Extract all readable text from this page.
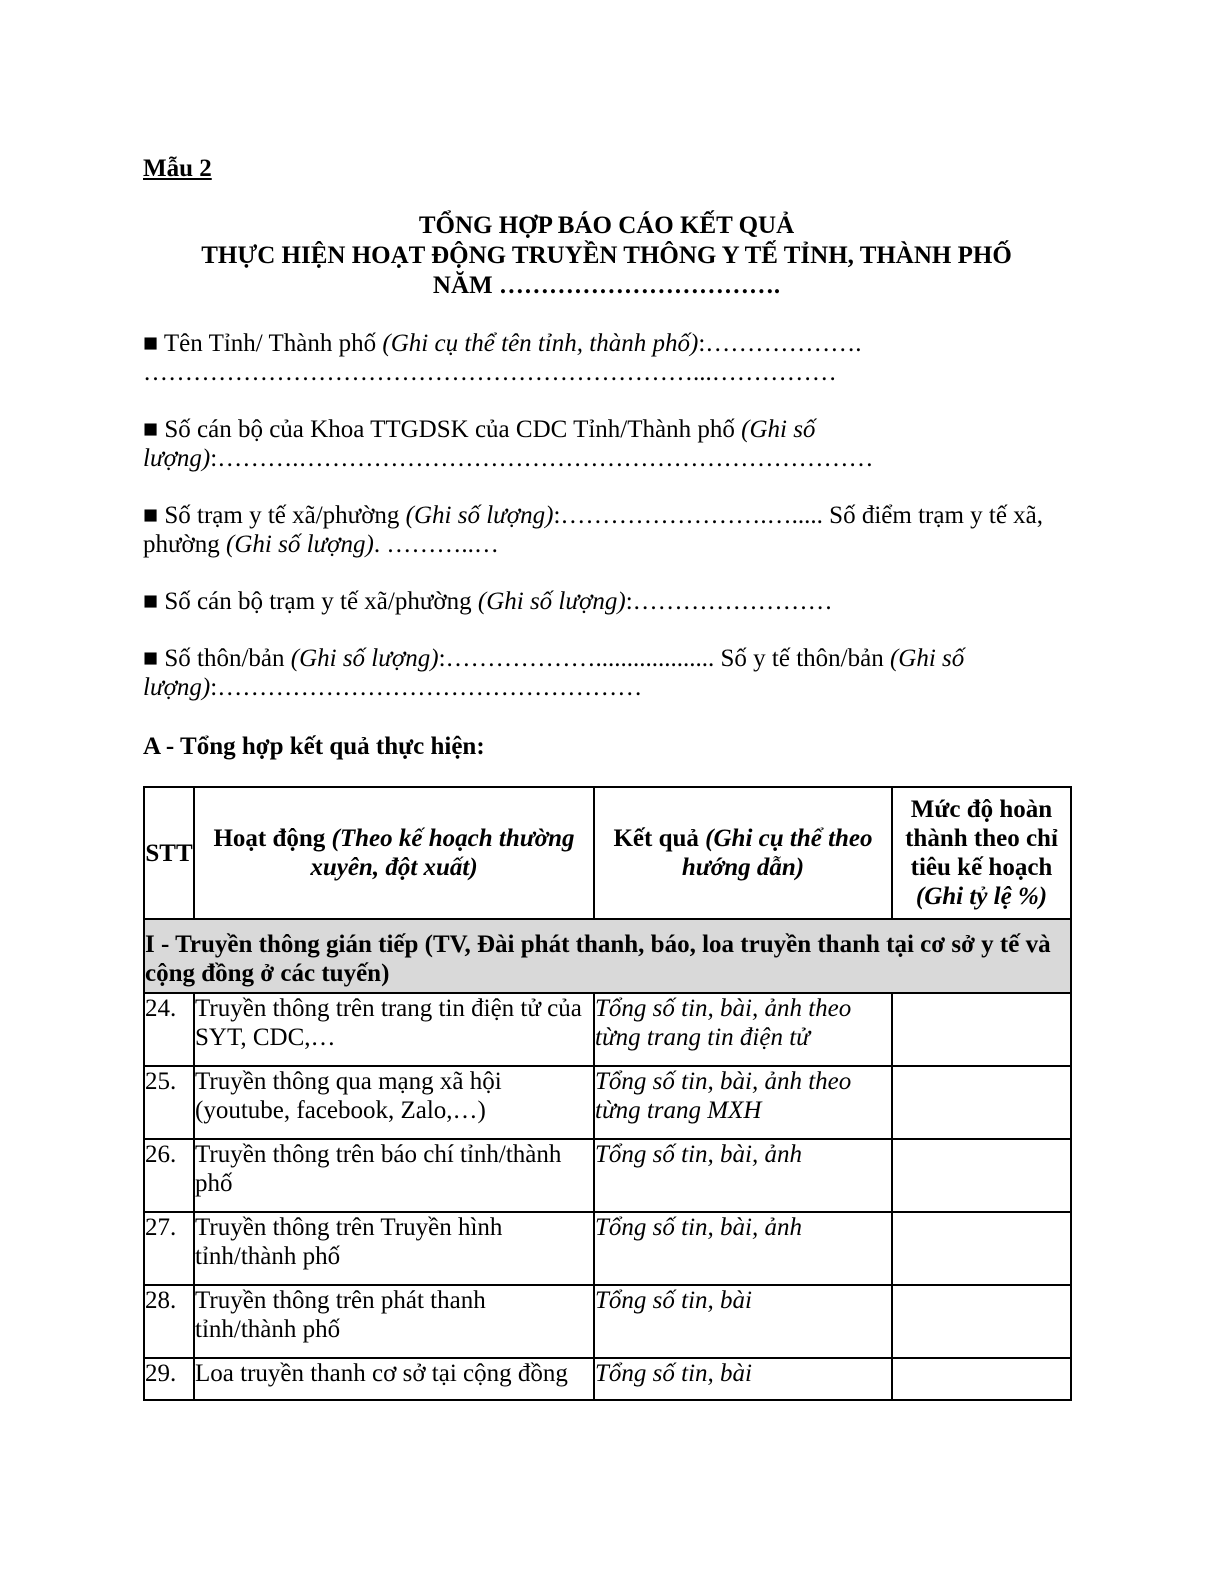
Mẫu 2

TỔNG HỢP BÁO CÁO KẾT QUẢ
THỰC HIỆN HOẠT ĐỘNG TRUYỀN THÔNG Y TẾ TỈNH, THÀNH PHỐ
NĂM …………………………….
■ Tên Tỉnh/ Thành phố (Ghi cụ thể tên tỉnh, thành phố):………………. …………………………………………………………...……………
■ Số cán bộ của Khoa TTGDSK của CDC Tỉnh/Thành phố (Ghi số lượng):……….……………………………………………………………
■ Số trạm y tế xã/phường (Ghi số lượng):…………………….…..... Số điểm trạm y tế xã, phường (Ghi số lượng). ………..…
■ Số cán bộ trạm y tế xã/phường (Ghi số lượng):……………………
■ Số thôn/bản (Ghi số lượng):………………................... Số y tế thôn/bản (Ghi số lượng):……………………………………………
A - Tổng hợp kết quả thực hiện:
STT	Hoạt động (Theo kế hoạch thường xuyên, đột xuất)	Kết quả (Ghi cụ thể theo hướng dẫn)	Mức độ hoàn thành theo chỉ tiêu kế hoạch (Ghi tỷ lệ %)
I - Truyền thông gián tiếp (TV, Đài phát thanh, báo, loa truyền thanh tại cơ sở y tế và cộng đồng ở các tuyến)			
24.	Truyền thông trên trang tin điện tử của SYT, CDC,…	Tổng số tin, bài, ảnh theo từng trang tin điện tử	
25.	Truyền thông qua mạng xã hội (youtube, facebook, Zalo,…)	Tổng số tin, bài, ảnh theo từng trang MXH	
26.	Truyền thông trên báo chí tỉnh/thành phố	Tổng số tin, bài, ảnh	
27.	Truyền thông trên Truyền hình tỉnh/thành phố	Tổng số tin, bài, ảnh	
28.	Truyền thông trên phát thanh tỉnh/thành phố	Tổng số tin, bài	
29.	Loa truyền thanh cơ sở tại cộng đồng	Tổng số tin, bài	
